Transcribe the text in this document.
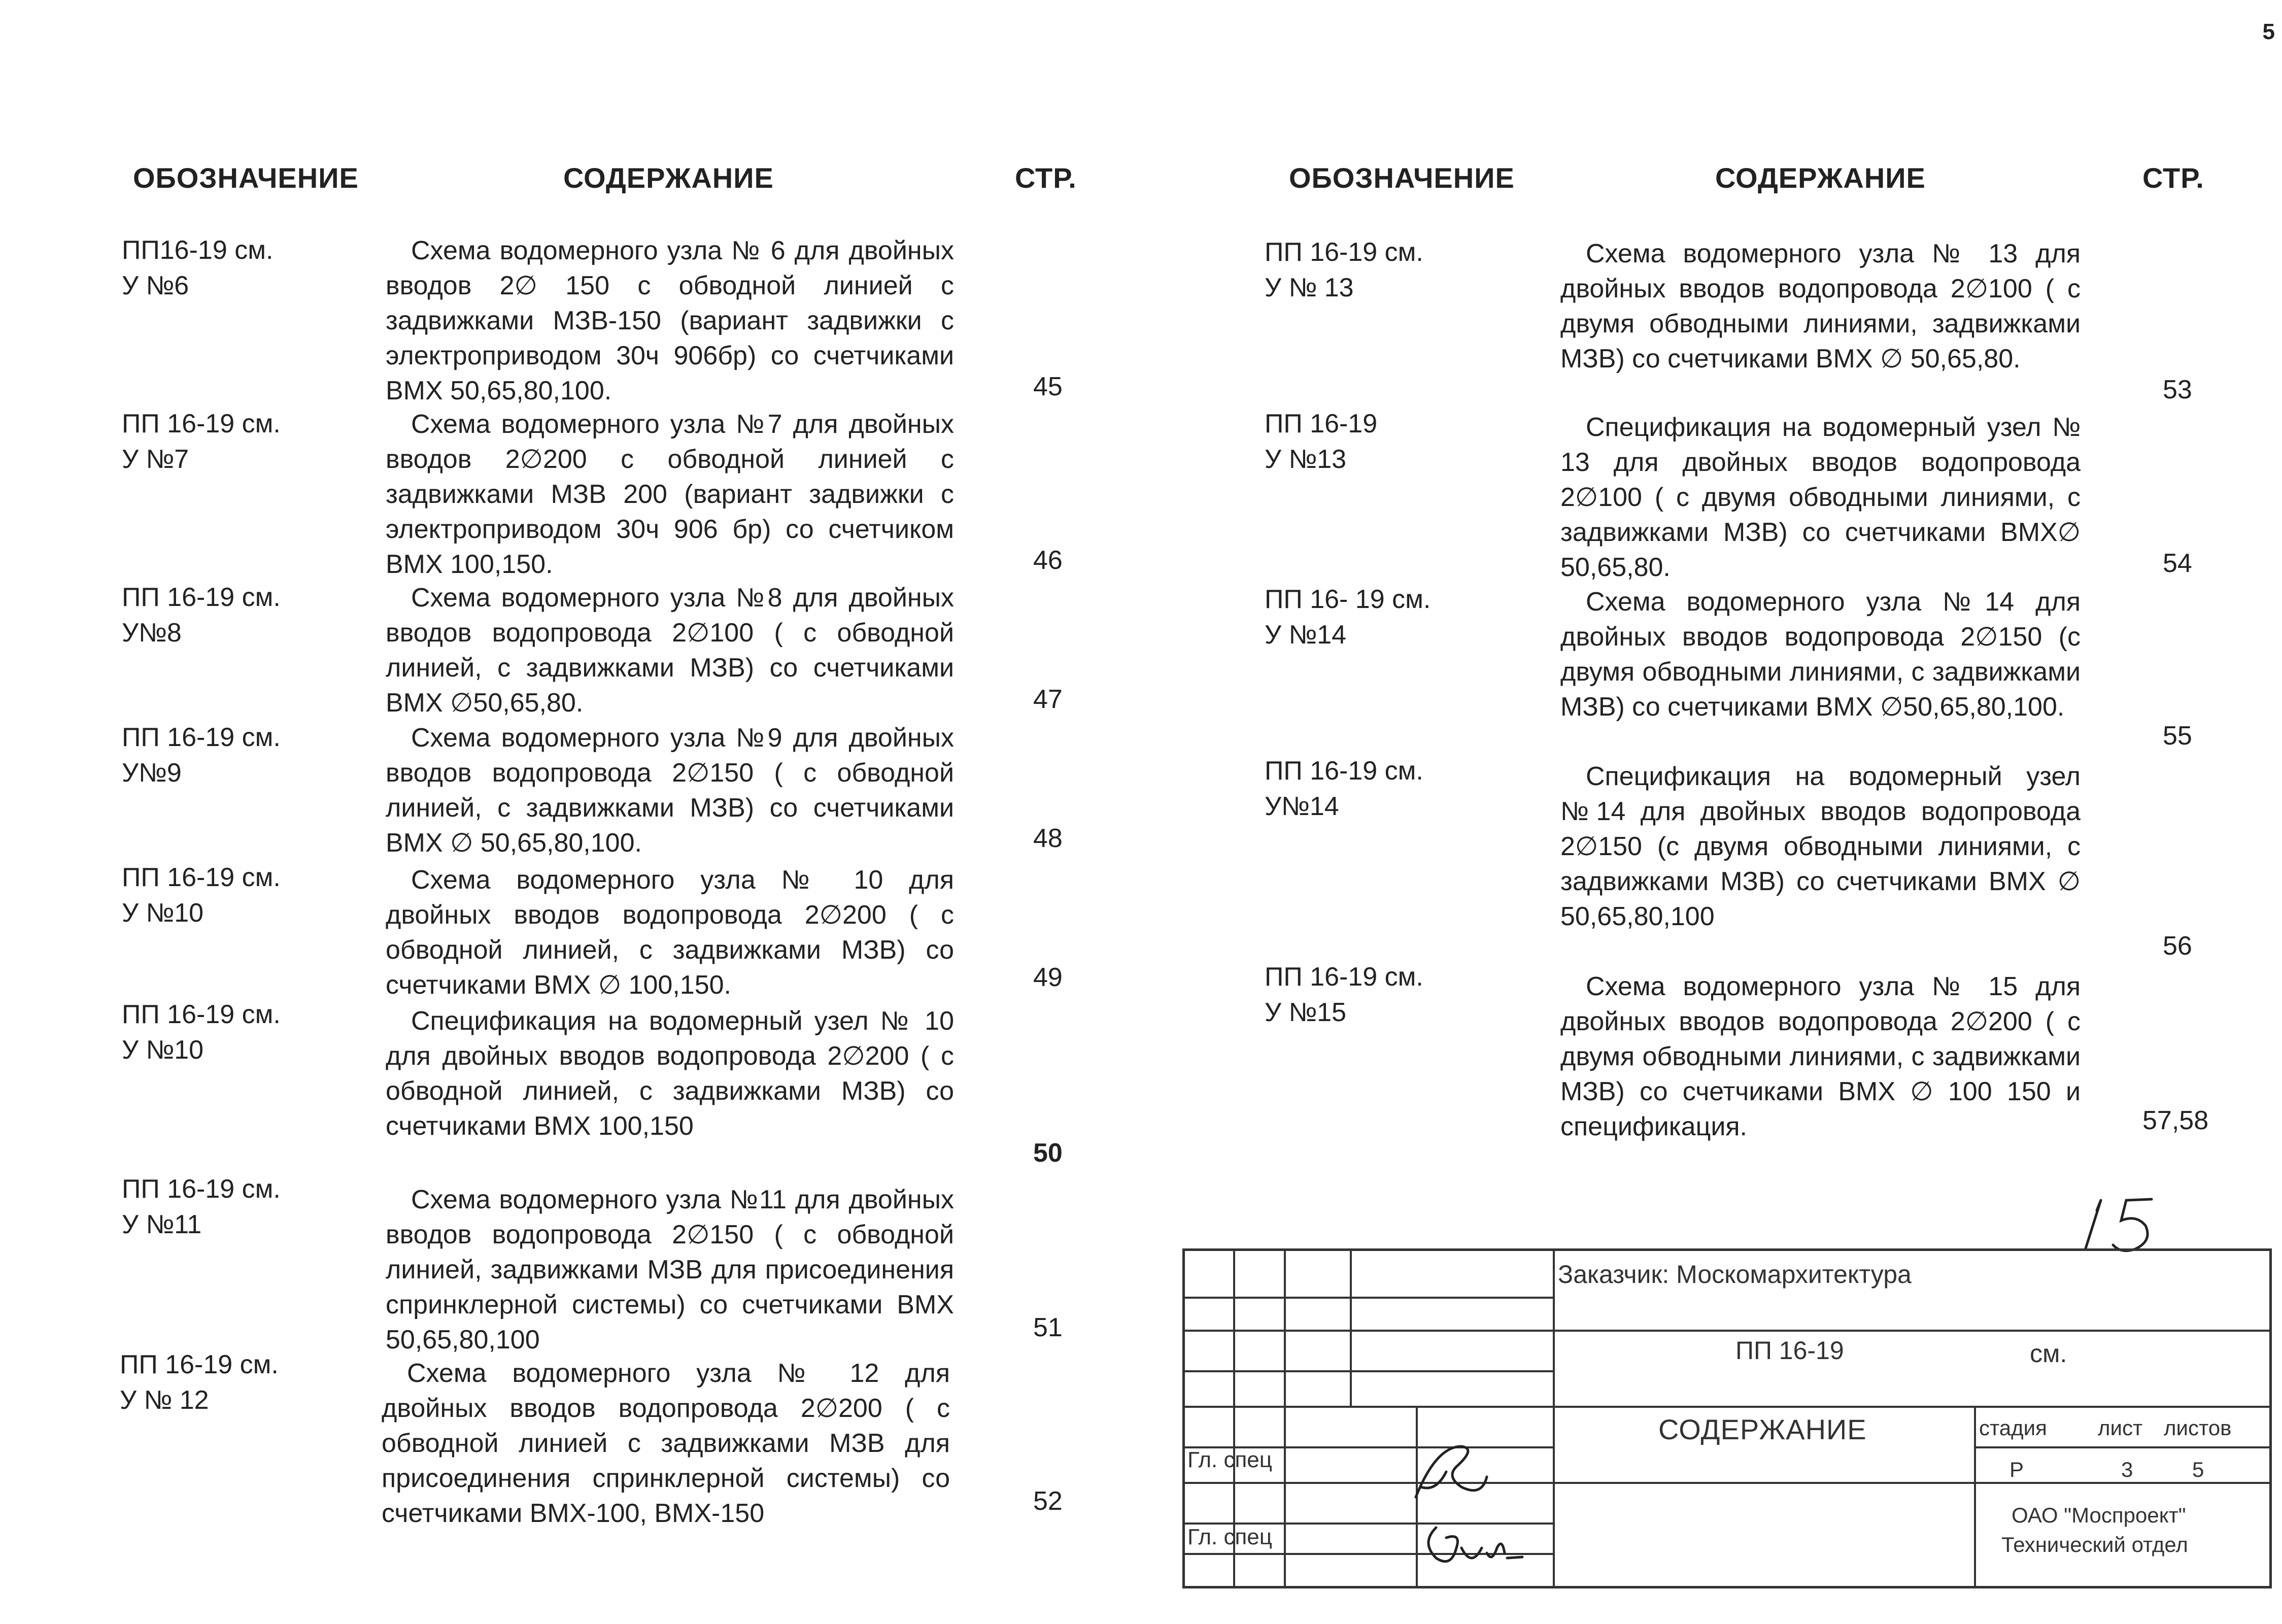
5
ОБОЗНАЧЕНИЕ	СОДЕРЖАНИЕ	СТР.	ОБОЗНАЧЕНИЕ	СОДЕРЖАНИЕ	СТР.
ПП16-19 см.
У №6
Схема водомерного узла № 6 для двойных вводов 2∅ 150 с обводной линией с задвижками МЗВ-150 (вариант задвижки с электроприводом 30ч 906бр) со счетчиками ВМХ 50,65,80,100.	45
ПП 16-19 см.
У №7
Схема водомерного узла №7 для двойных вводов 2∅200 с обводной линией с задвижками МЗВ 200 (вариант задвижки с электроприводом 30ч 906 бр) со счетчиком ВМХ 100,150.	46
ПП 16-19 см.
У№8
Схема водомерного узла №8 для двойных вводов водопровода 2∅100 ( с обводной линией, с задвижками МЗВ) со счетчиками ВМХ ∅50,65,80.	47
ПП 16-19 см.
У№9
Схема водомерного узла №9 для двойных вводов водопровода 2∅150 ( с обводной линией, с задвижками МЗВ) со счетчиками ВМХ ∅ 50,65,80,100.	48
ПП 16-19 см.
У №10
Схема водомерного узла № 10 для двойных вводов водопровода 2∅200 ( с обводной линией, с задвижками МЗВ) со счетчиками ВМХ ∅ 100,150.	49
ПП 16-19 см.
У №10
Спецификация на водомерный узел № 10 для двойных вводов водопровода 2∅200 ( с обводной линией, с задвижками МЗВ) со счетчиками ВМХ 100,150
50
ПП 16-19 см.
У №11
Схема водомерного узла №11 для двойных вводов водопровода 2∅150 ( с обводной линией, задвижками МЗВ для присоединения спринклерной системы) со счетчиками ВМХ 50,65,80,100	51
ПП 16-19 см.
У № 12
Схема водомерного узла № 12 для двойных вводов водопровода 2∅200 ( с обводной линией с задвижками МЗВ для присоединения спринклерной системы) со счетчиками ВМХ-100, ВМХ-150	52
ПП 16-19 см.
У № 13
Схема водомерного узла № 13 для двойных вводов водопровода 2∅100 ( с двумя обводными линиями, задвижками МЗВ) со счетчиками ВМХ ∅ 50,65,80.
53
ПП 16-19
У №13
Спецификация на водомерный узел № 13 для двойных вводов водопровода 2∅100 ( с двумя обводными линиями, с задвижками МЗВ) со счетчиками ВМХ∅ 50,65,80.	54
ПП 16- 19 см.
У №14
Схема водомерного узла №14 для двойных вводов водопровода 2∅150 (с двумя обводными линиями, с задвижками МЗВ) со счетчиками ВМХ ∅50,65,80,100.
55
ПП 16-19 см.
У№14
Спецификация на водомерный узел №14 для двойных вводов водопровода 2∅150 (с двумя обводными линиями, с задвижками МЗВ) со счетчиками ВМХ ∅ 50,65,80,100
56
ПП 16-19 см.
У №15
Схема водомерного узла № 15 для двойных вводов водопровода 2∅200 ( с двумя обводными линиями, с задвижками МЗВ) со счетчиками ВМХ ∅ 100 150 и спецификация.	57,58
Заказчик: Москомархитектура
ПП 16-19	см.
СОДЕРЖАНИЕ	стадия лист листов
Р	3	5
ОАО "Моспроект"
Технический отдел
Гл. спец
Гл. спец
